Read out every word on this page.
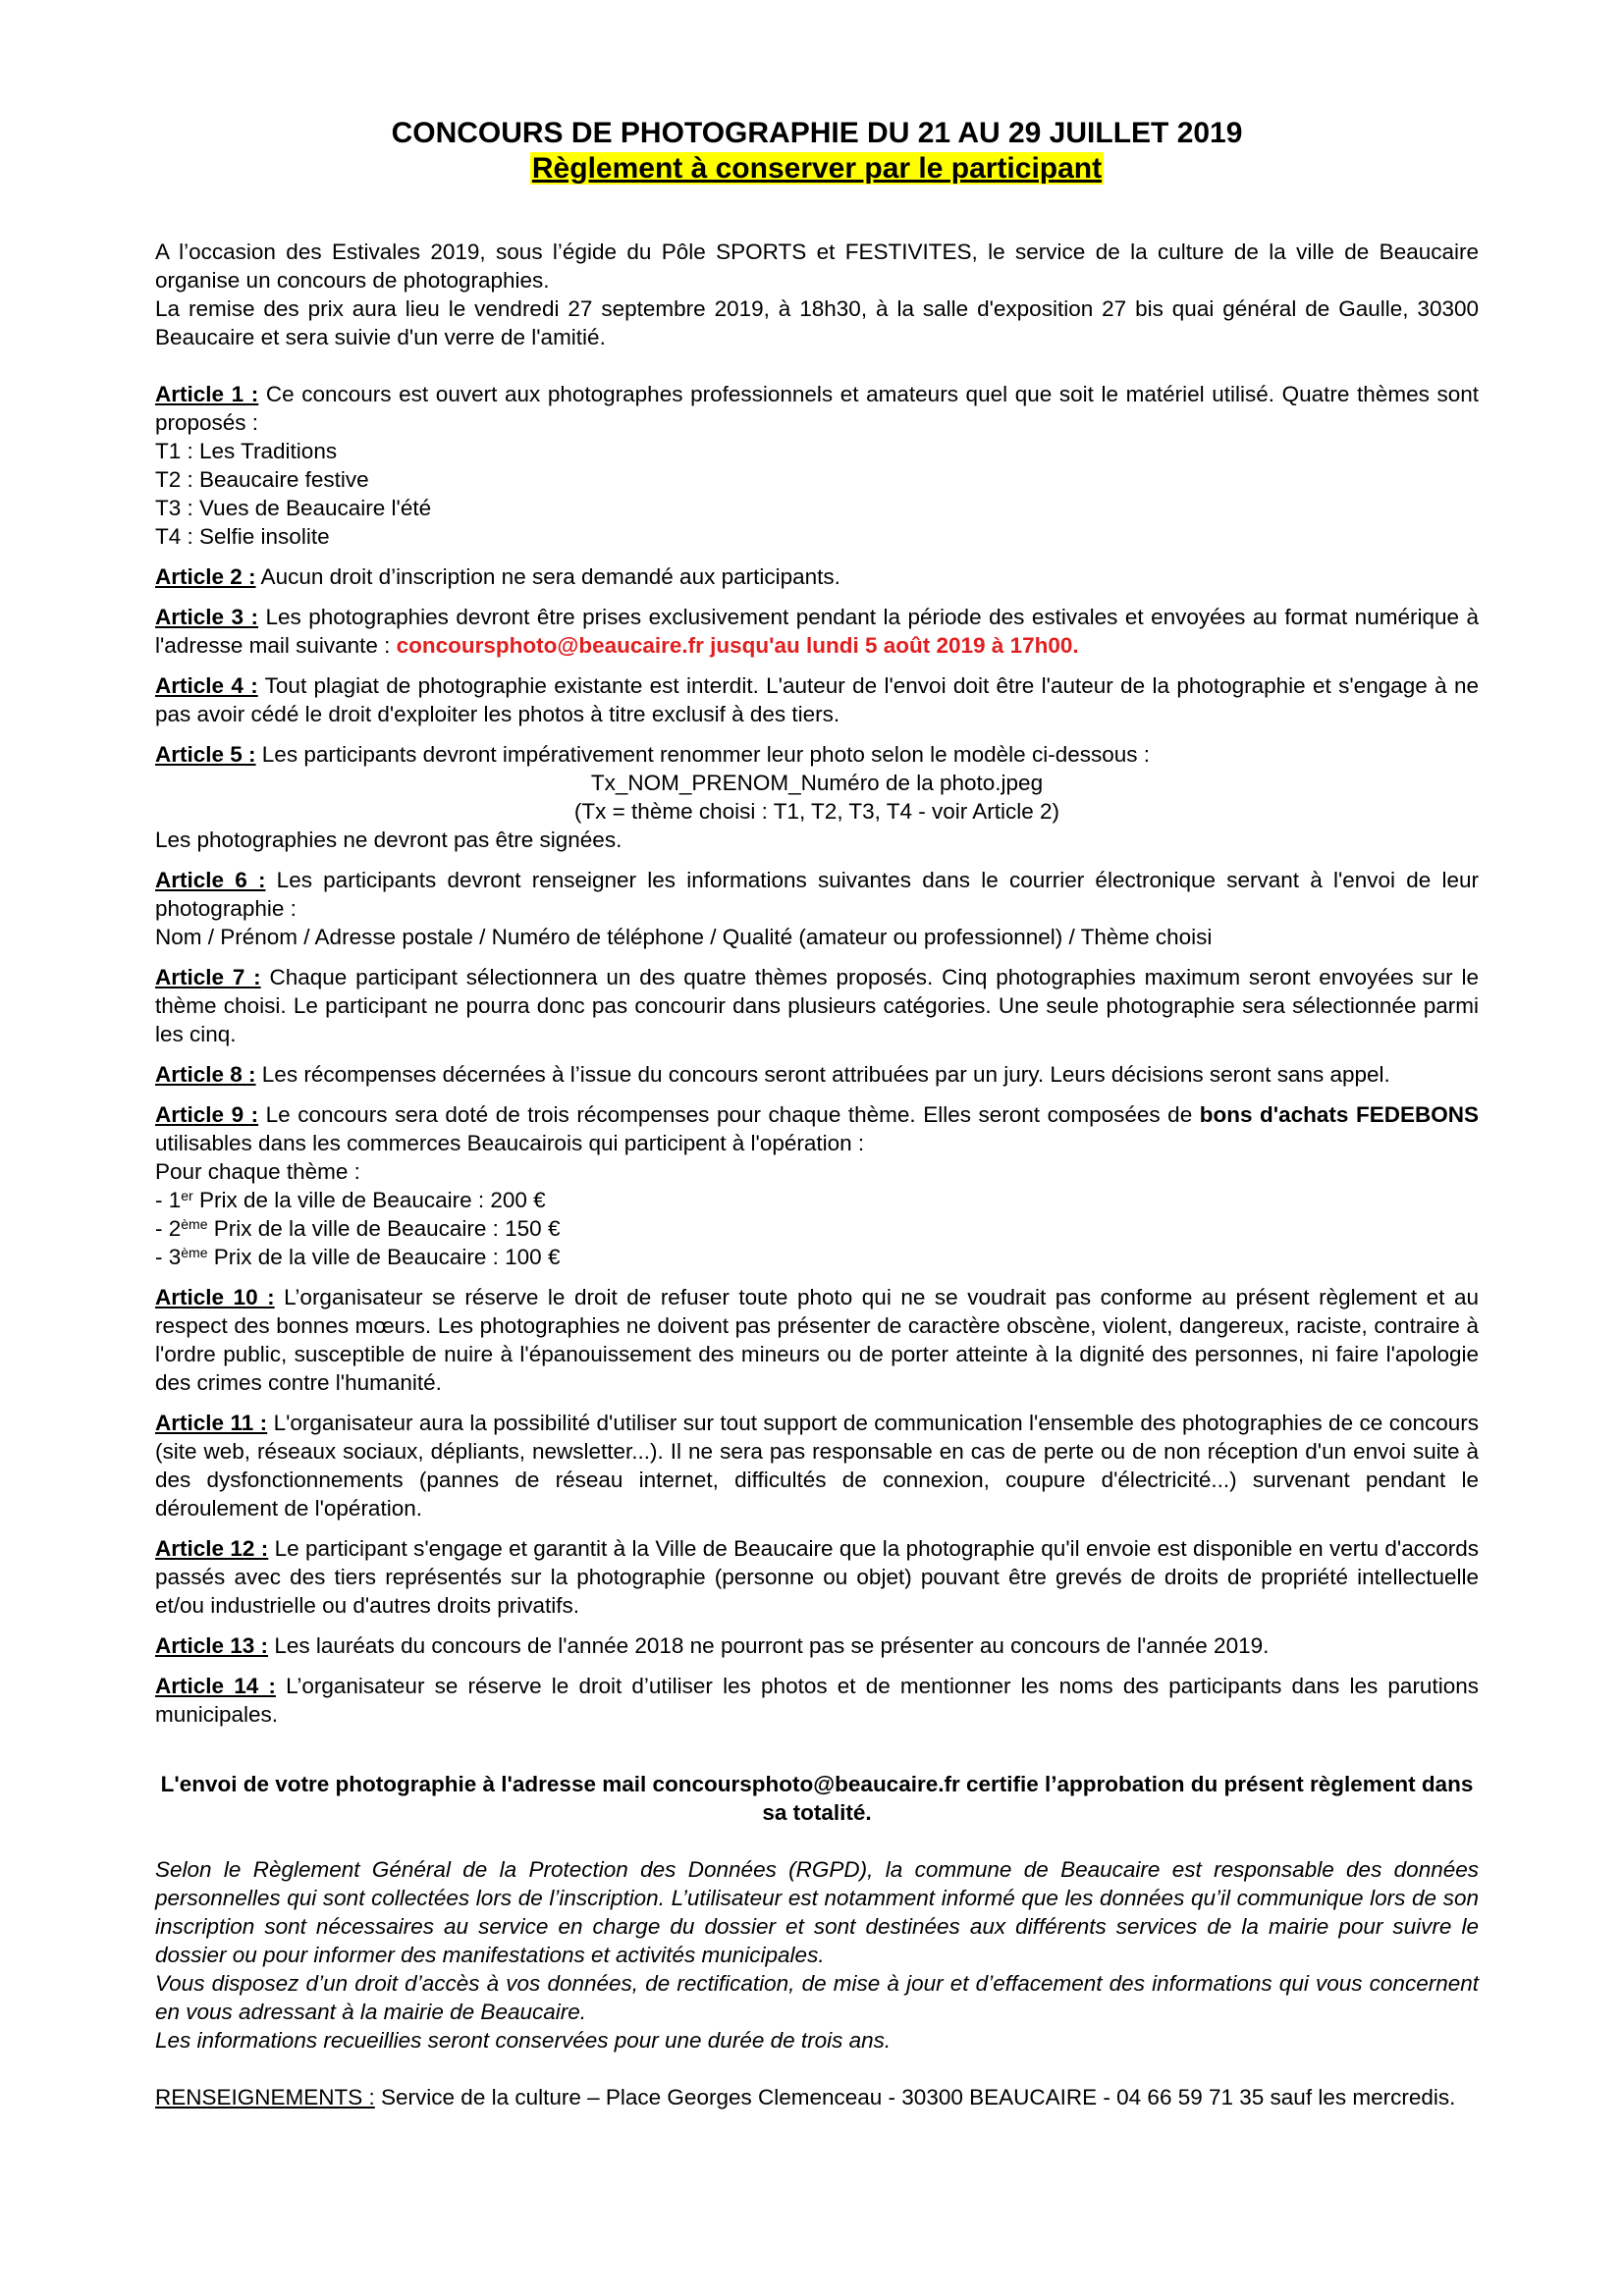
CONCOURS DE PHOTOGRAPHIE DU 21 AU 29 JUILLET 2019
Règlement à conserver par le participant

A l’occasion des Estivales 2019, sous l’égide du Pôle SPORTS et FESTIVITES, le service de la culture de la ville de Beaucaire organise un concours de photographies.

La remise des prix aura lieu le vendredi 27 septembre 2019, à 18h30, à la salle d'exposition 27 bis quai général de Gaulle, 30300 Beaucaire et sera suivie d'un verre de l'amitié.

Article 1 : Ce concours est ouvert aux photographes professionnels et amateurs quel que soit le matériel utilisé. Quatre thèmes sont proposés :

T1 : Les Traditions

T2 : Beaucaire festive

T3 : Vues de Beaucaire l'été

T4 : Selfie insolite

Article 2 : Aucun droit d’inscription ne sera demandé aux participants.

Article 3 : Les photographies devront être prises exclusivement pendant la période des estivales et envoyées au format numérique à l'adresse mail suivante : concoursphoto@beaucaire.fr jusqu'au lundi 5 août 2019 à 17h00.

Article 4 : Tout plagiat de photographie existante est interdit. L'auteur de l'envoi doit être l'auteur de la photographie et s'engage à ne pas avoir cédé le droit d'exploiter les photos à titre exclusif à des tiers.

Article 5 : Les participants devront impérativement renommer leur photo selon le modèle ci-dessous :

Tx_NOM_PRENOM_Numéro de la photo.jpeg

(Tx = thème choisi : T1, T2, T3, T4 - voir Article 2)

Les photographies ne devront pas être signées.

Article 6 : Les participants devront renseigner les informations suivantes dans le courrier électronique servant à l'envoi de leur photographie :

Nom / Prénom / Adresse postale / Numéro de téléphone / Qualité (amateur ou professionnel) / Thème choisi

Article 7 : Chaque participant sélectionnera un des quatre thèmes proposés. Cinq photographies maximum seront envoyées sur le thème choisi. Le participant ne pourra donc pas concourir dans plusieurs catégories. Une seule photographie sera sélectionnée parmi les cinq.

Article 8 : Les récompenses décernées à l’issue du concours seront attribuées par un jury. Leurs décisions seront sans appel.

Article 9 : Le concours sera doté de trois récompenses pour chaque thème. Elles seront composées de bons d'achats FEDEBONS utilisables dans les commerces Beaucairois qui participent à l'opération :

Pour chaque thème :

- 1er Prix de la ville de Beaucaire : 200 €

- 2ème Prix de la ville de Beaucaire : 150 €

- 3ème Prix de la ville de Beaucaire : 100 €

Article 10 : L’organisateur se réserve le droit de refuser toute photo qui ne se voudrait pas conforme au présent règlement et au respect des bonnes mœurs. Les photographies ne doivent pas présenter de caractère obscène, violent, dangereux, raciste, contraire à l'ordre public, susceptible de nuire à l'épanouissement des mineurs ou de porter atteinte à la dignité des personnes, ni faire l'apologie des crimes contre l'humanité.

Article 11 : L'organisateur aura la possibilité d'utiliser sur tout support de communication l'ensemble des photographies de ce concours (site web, réseaux sociaux, dépliants, newsletter...). Il ne sera pas responsable en cas de perte ou de non réception d'un envoi suite à des dysfonctionnements (pannes de réseau internet, difficultés de connexion, coupure d'électricité...) survenant pendant le déroulement de l'opération.

Article 12 : Le participant s'engage et garantit à la Ville de Beaucaire que la photographie qu'il envoie est disponible en vertu d'accords passés avec des tiers représentés sur la photographie (personne ou objet) pouvant être grevés de droits de propriété intellectuelle et/ou industrielle ou d'autres droits privatifs.

Article 13 : Les lauréats du concours de l'année 2018 ne pourront pas se présenter au concours de l'année 2019.

Article 14 : L’organisateur se réserve le droit d’utiliser les photos et de mentionner les noms des participants dans les parutions municipales.

L'envoi de votre photographie à l'adresse mail concoursphoto@beaucaire.fr certifie l’approbation du présent règlement dans sa totalité.

Selon le Règlement Général de la Protection des Données (RGPD), la commune de Beaucaire est responsable des données personnelles qui sont collectées lors de l’inscription. L’utilisateur est notamment informé que les données qu’il communique lors de son inscription sont nécessaires au service en charge du dossier et sont destinées aux différents services de la mairie pour suivre le dossier ou pour informer des manifestations et activités municipales.

Vous disposez d’un droit d’accès à vos données, de rectification, de mise à jour et d’effacement des informations qui vous concernent en vous adressant à la mairie de Beaucaire.

Les informations recueillies seront conservées pour une durée de trois ans.

RENSEIGNEMENTS : Service de la culture – Place Georges Clemenceau - 30300 BEAUCAIRE - 04 66 59 71 35 sauf les mercredis.
